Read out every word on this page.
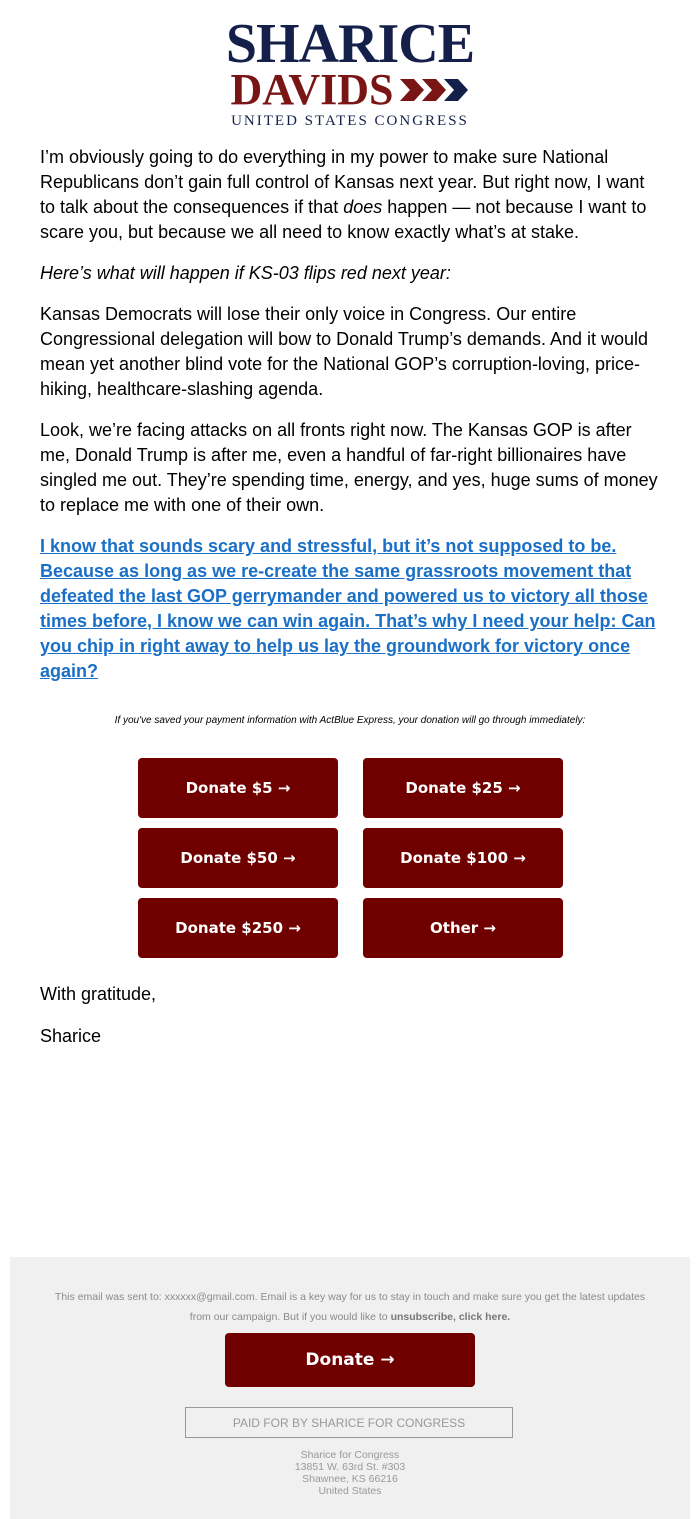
SHARICE
DAVIDS
UNITED STATES CONGRESS

I’m obviously going to do everything in my power to make sure National Republicans don’t gain full control of Kansas next year. But right now, I want to talk about the consequences if that does happen — not because I want to scare you, but because we all need to know exactly what’s at stake.

Here’s what will happen if KS-03 flips red next year:

Kansas Democrats will lose their only voice in Congress. Our entire Congressional delegation will bow to Donald Trump’s demands. And it would mean yet another blind vote for the National GOP’s corruption-loving, price-hiking, healthcare-slashing agenda.

Look, we’re facing attacks on all fronts right now. The Kansas GOP is after me, Donald Trump is after me, even a handful of far-right billionaires have singled me out. They’re spending time, energy, and yes, huge sums of money to replace me with one of their own.

I know that sounds scary and stressful, but it’s not supposed to be. Because as long as we re-create the same grassroots movement that defeated the last GOP gerrymander and powered us to victory all those times before, I know we can win again. That’s why I need your help: Can you chip in right away to help us lay the groundwork for victory once again?

If you've saved your payment information with ActBlue Express, your donation will go through immediately:
Donate $5 →	Donate $25 →
Donate $50 →	Donate $100 →
Donate $250 →	Other →
With gratitude,
Sharice
This email was sent to: xxxxxx@gmail.com. Email is a key way for us to stay in touch and make sure you get the latest updates from our campaign. But if you would like to unsubscribe, click here.
Donate →
PAID FOR BY SHARICE FOR CONGRESS
Sharice for Congress
13851 W. 63rd St. #303
Shawnee, KS 66216
United States
